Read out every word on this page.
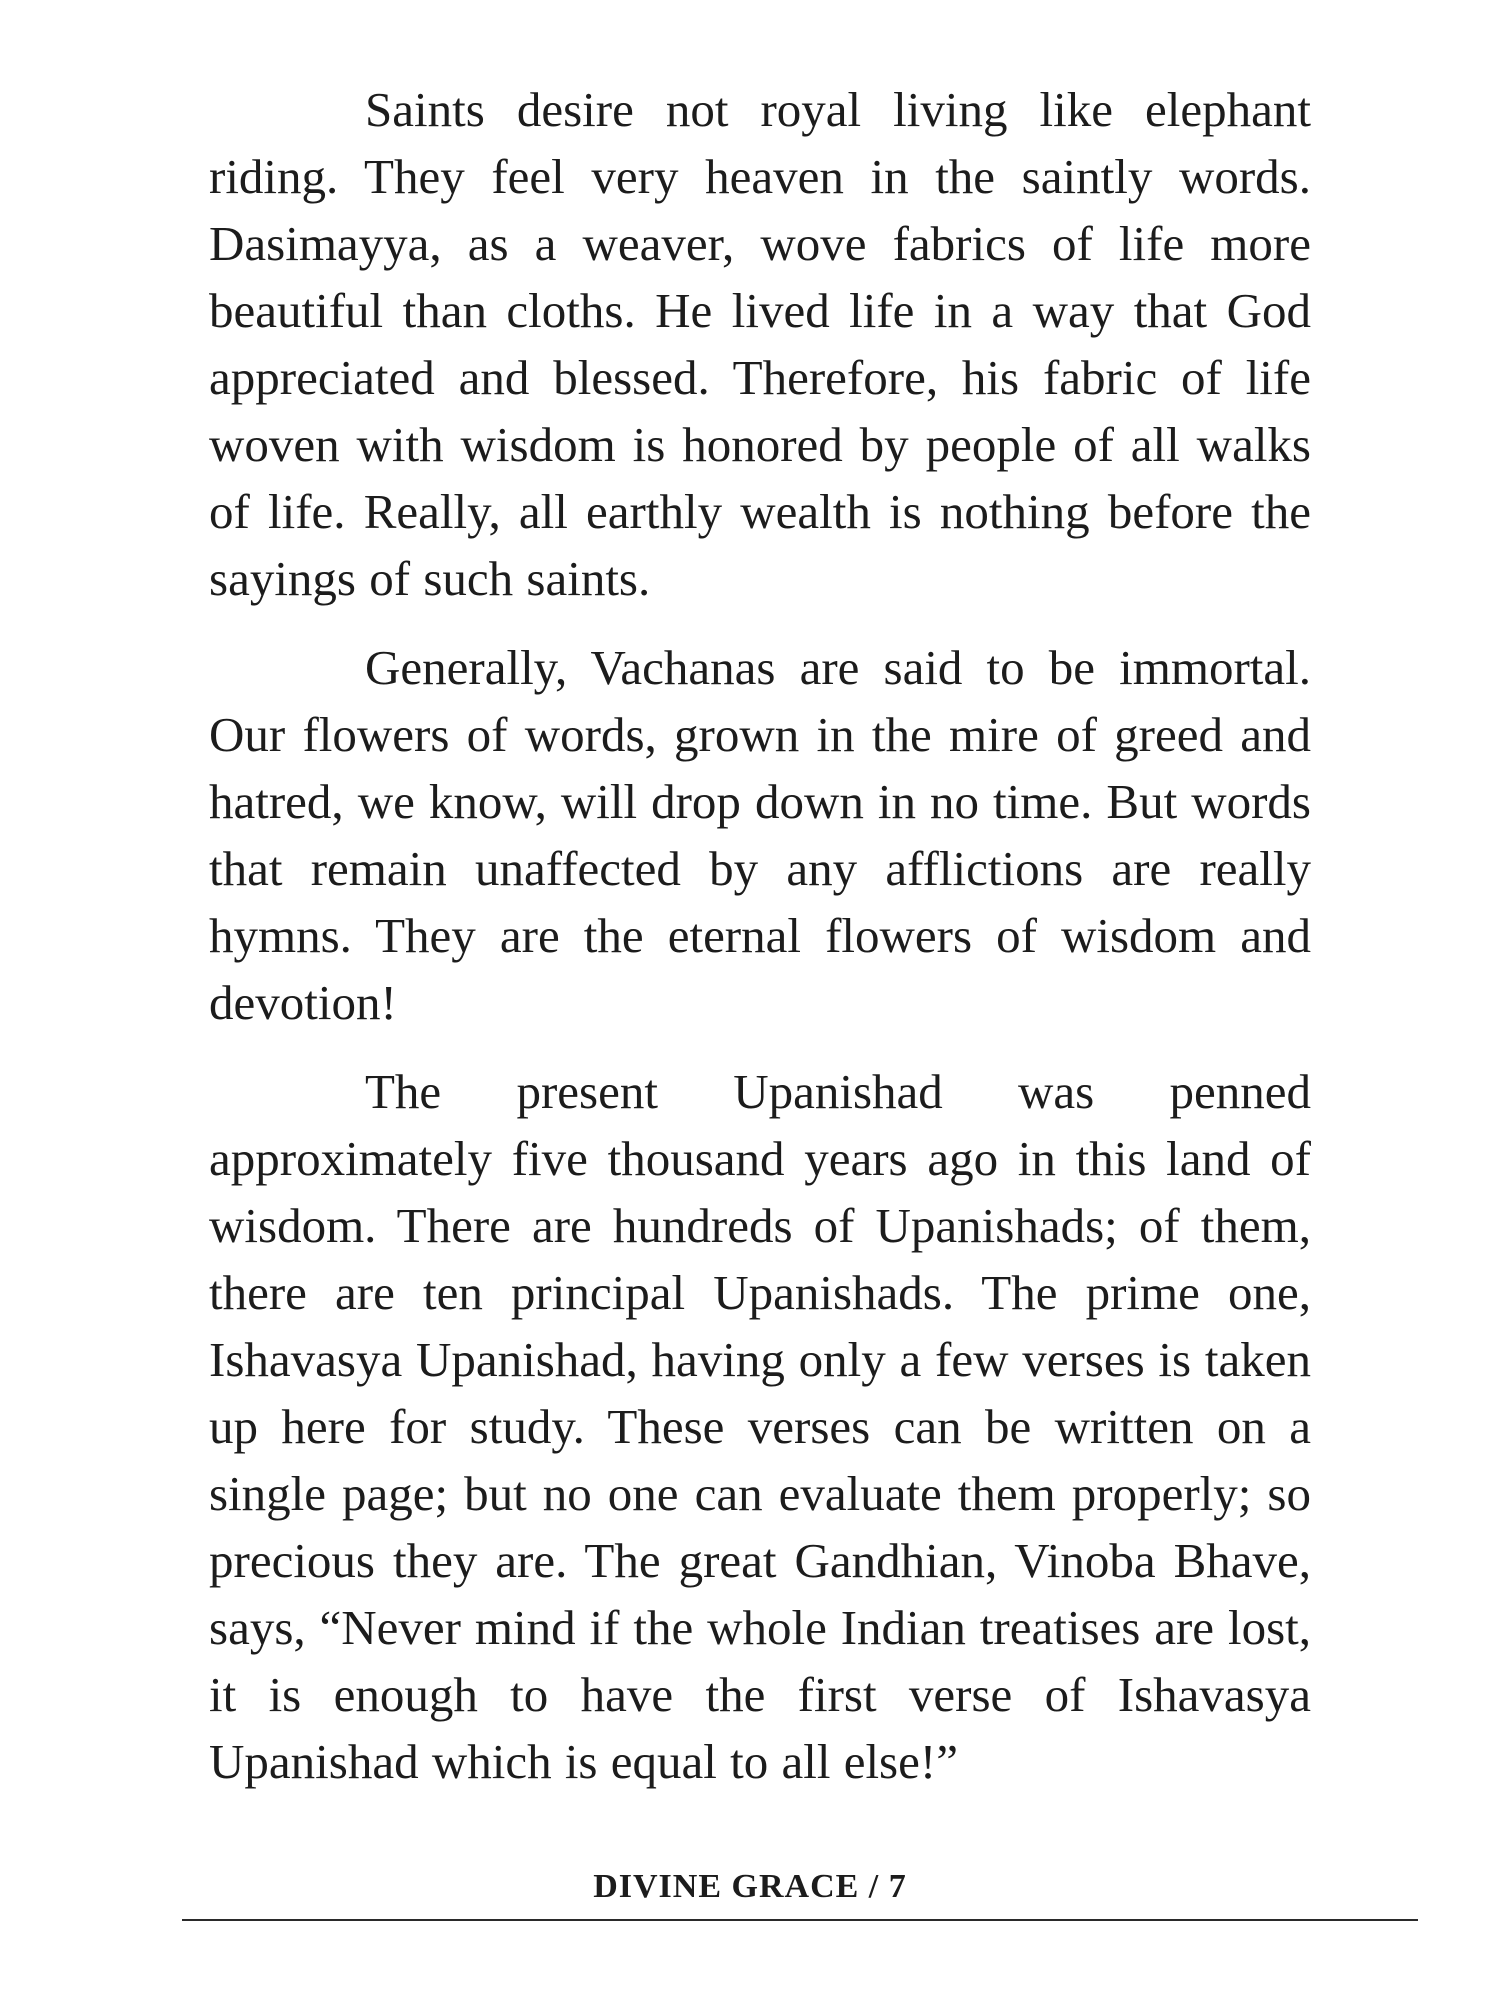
Saints desire not royal living like elephant riding. They feel very heaven in the saintly words. Dasimayya, as a weaver, wove fabrics of life more beautiful than cloths. He lived life in a way that God appreciated and blessed. Therefore, his fabric of life woven with wisdom is honored by people of all walks of life. Really, all earthly wealth is nothing before the sayings of such saints.

Generally, Vachanas are said to be immortal. Our flowers of words, grown in the mire of greed and hatred, we know, will drop down in no time. But words that remain unaffected by any afflictions are really hymns. They are the eternal flowers of wisdom and devotion!

The present Upanishad was penned approximately five thousand years ago in this land of wisdom. There are hundreds of Upanishads; of them, there are ten principal Upanishads. The prime one, Ishavasya Upanishad, having only a few verses is taken up here for study. These verses can be written on a single page; but no one can evaluate them properly; so precious they are. The great Gandhian, Vinoba Bhave, says, “Never mind if the whole Indian treatises are lost, it is enough to have the first verse of Ishavasya Upanishad which is equal to all else!”

DIVINE GRACE / 7
